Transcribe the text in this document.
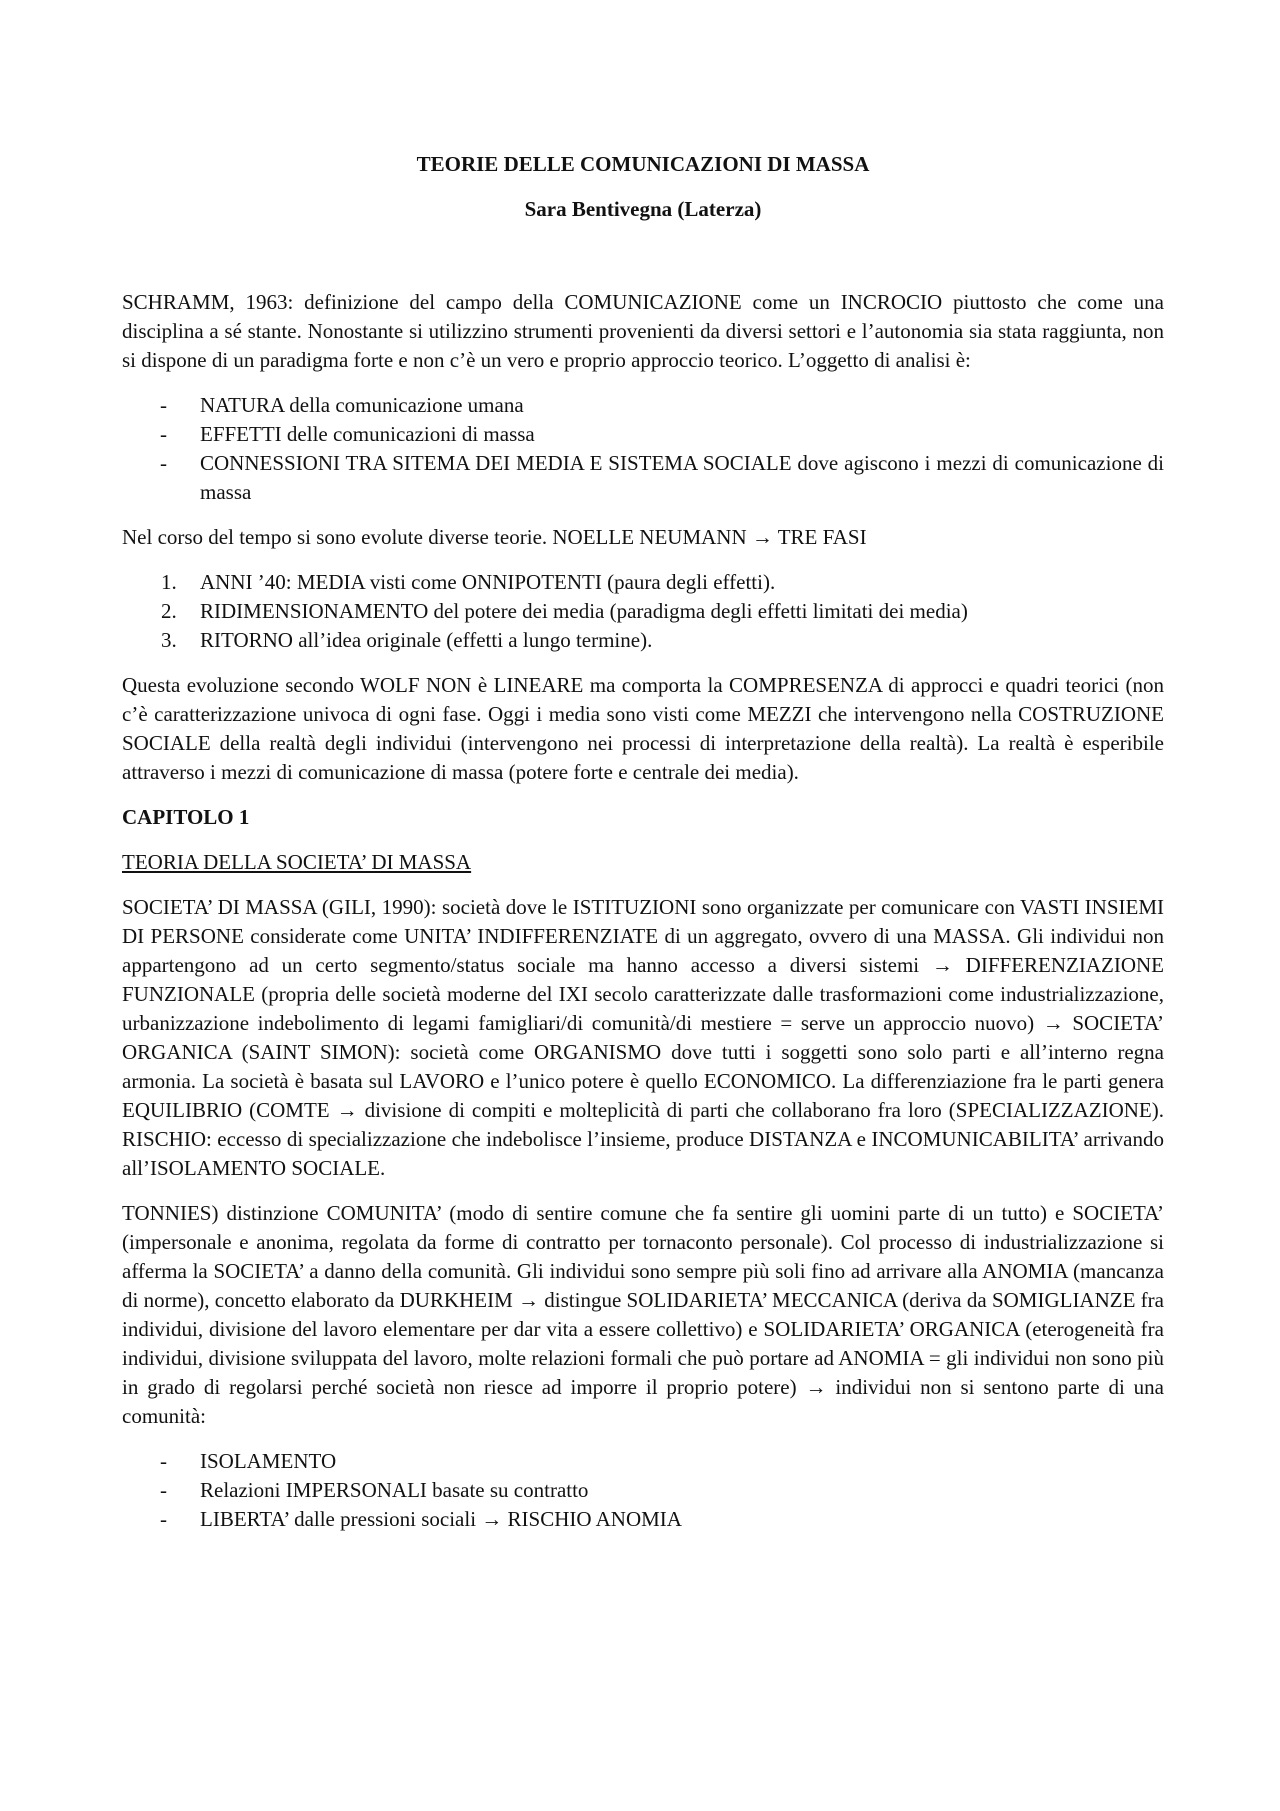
TEORIE DELLE COMUNICAZIONI DI MASSA
Sara Bentivegna (Laterza)

SCHRAMM, 1963: definizione del campo della COMUNICAZIONE come un INCROCIO piuttosto che come una disciplina a sé stante. Nonostante si utilizzino strumenti provenienti da diversi settori e l’autonomia sia stata raggiunta, non si dispone di un paradigma forte e non c’è un vero e proprio approccio teorico. L’oggetto di analisi è:

- NATURA della comunicazione umana
- EFFETTI delle comunicazioni di massa
- CONNESSIONI TRA SITEMA DEI MEDIA E SISTEMA SOCIALE dove agiscono i mezzi di comunicazione di massa

Nel corso del tempo si sono evolute diverse teorie. NOELLE NEUMANN → TRE FASI

1. ANNI ’40: MEDIA visti come ONNIPOTENTI (paura degli effetti).
2. RIDIMENSIONAMENTO del potere dei media (paradigma degli effetti limitati dei media)
3. RITORNO all’idea originale (effetti a lungo termine).

Questa evoluzione secondo WOLF NON è LINEARE ma comporta la COMPRESENZA di approcci e quadri teorici (non c’è caratterizzazione univoca di ogni fase. Oggi i media sono visti come MEZZI che intervengono nella COSTRUZIONE SOCIALE della realtà degli individui (intervengono nei processi di interpretazione della realtà). La realtà è esperibile attraverso i mezzi di comunicazione di massa (potere forte e centrale dei media).

CAPITOLO 1
TEORIA DELLA SOCIETA’ DI MASSA

SOCIETA’ DI MASSA (GILI, 1990): società dove le ISTITUZIONI sono organizzate per comunicare con VASTI INSIEMI DI PERSONE considerate come UNITA’ INDIFFERENZIATE di un aggregato, ovvero di una MASSA. Gli individui non appartengono ad un certo segmento/status sociale ma hanno accesso a diversi sistemi → DIFFERENZIAZIONE FUNZIONALE (propria delle società moderne del IXI secolo caratterizzate dalle trasformazioni come industrializzazione, urbanizzazione indebolimento di legami famigliari/di comunità/di mestiere = serve un approccio nuovo) → SOCIETA’ ORGANICA (SAINT SIMON): società come ORGANISMO dove tutti i soggetti sono solo parti e all’interno regna armonia. La società è basata sul LAVORO e l’unico potere è quello ECONOMICO. La differenziazione fra le parti genera EQUILIBRIO (COMTE → divisione di compiti e molteplicità di parti che collaborano fra loro (SPECIALIZZAZIONE). RISCHIO: eccesso di specializzazione che indebolisce l’insieme, produce DISTANZA e INCOMUNICABILITA’ arrivando all’ISOLAMENTO SOCIALE.

TONNIES) distinzione COMUNITA’ (modo di sentire comune che fa sentire gli uomini parte di un tutto) e SOCIETA’ (impersonale e anonima, regolata da forme di contratto per tornaconto personale). Col processo di industrializzazione si afferma la SOCIETA’ a danno della comunità. Gli individui sono sempre più soli fino ad arrivare alla ANOMIA (mancanza di norme), concetto elaborato da DURKHEIM → distingue SOLIDARIETA’ MECCANICA (deriva da SOMIGLIANZE fra individui, divisione del lavoro elementare per dar vita a essere collettivo) e SOLIDARIETA’ ORGANICA (eterogeneità fra individui, divisione sviluppata del lavoro, molte relazioni formali che può portare ad ANOMIA = gli individui non sono più in grado di regolarsi perché società non riesce ad imporre il proprio potere) → individui non si sentono parte di una comunità:

- ISOLAMENTO
- Relazioni IMPERSONALI basate su contratto
- LIBERTA’ dalle pressioni sociali → RISCHIO ANOMIA
